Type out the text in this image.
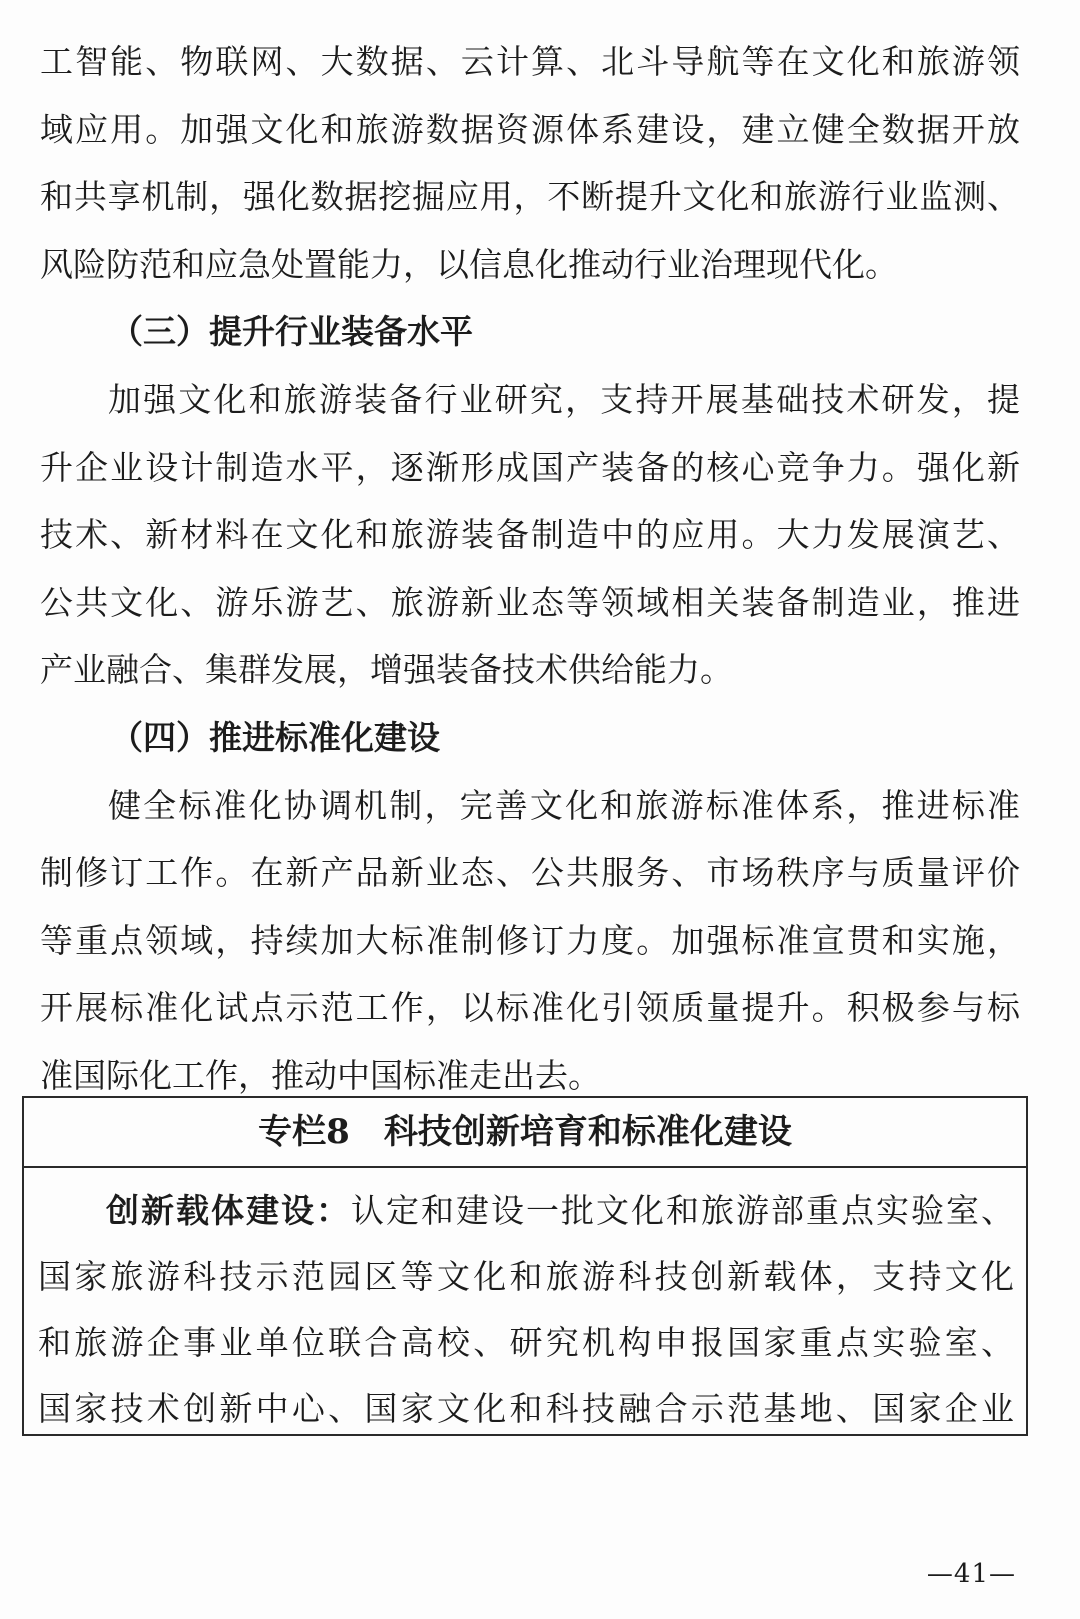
工智能、物联网、大数据、云计算、北斗导航等在文化和旅游领
域应用。加强文化和旅游数据资源体系建设，建立健全数据开放
和共享机制，强化数据挖掘应用，不断提升文化和旅游行业监测、
风险防范和应急处置能力，以信息化推动行业治理现代化。
（三）提升行业装备水平
加强文化和旅游装备行业研究，支持开展基础技术研发，提
升企业设计制造水平，逐渐形成国产装备的核心竞争力。强化新
技术、新材料在文化和旅游装备制造中的应用。大力发展演艺、
公共文化、游乐游艺、旅游新业态等领域相关装备制造业，推进
产业融合、集群发展，增强装备技术供给能力。
（四）推进标准化建设
健全标准化协调机制，完善文化和旅游标准体系，推进标准
制修订工作。在新产品新业态、公共服务、市场秩序与质量评价
等重点领域，持续加大标准制修订力度。加强标准宣贯和实施，
开展标准化试点示范工作，以标准化引领质量提升。积极参与标
准国际化工作，推动中国标准走出去。
专栏8　科技创新培育和标准化建设
创新载体建设：认定和建设一批文化和旅游部重点实验室、
国家旅游科技示范园区等文化和旅游科技创新载体，支持文化
和旅游企事业单位联合高校、研究机构申报国家重点实验室、
国家技术创新中心、国家文化和科技融合示范基地、国家企业
—41—
